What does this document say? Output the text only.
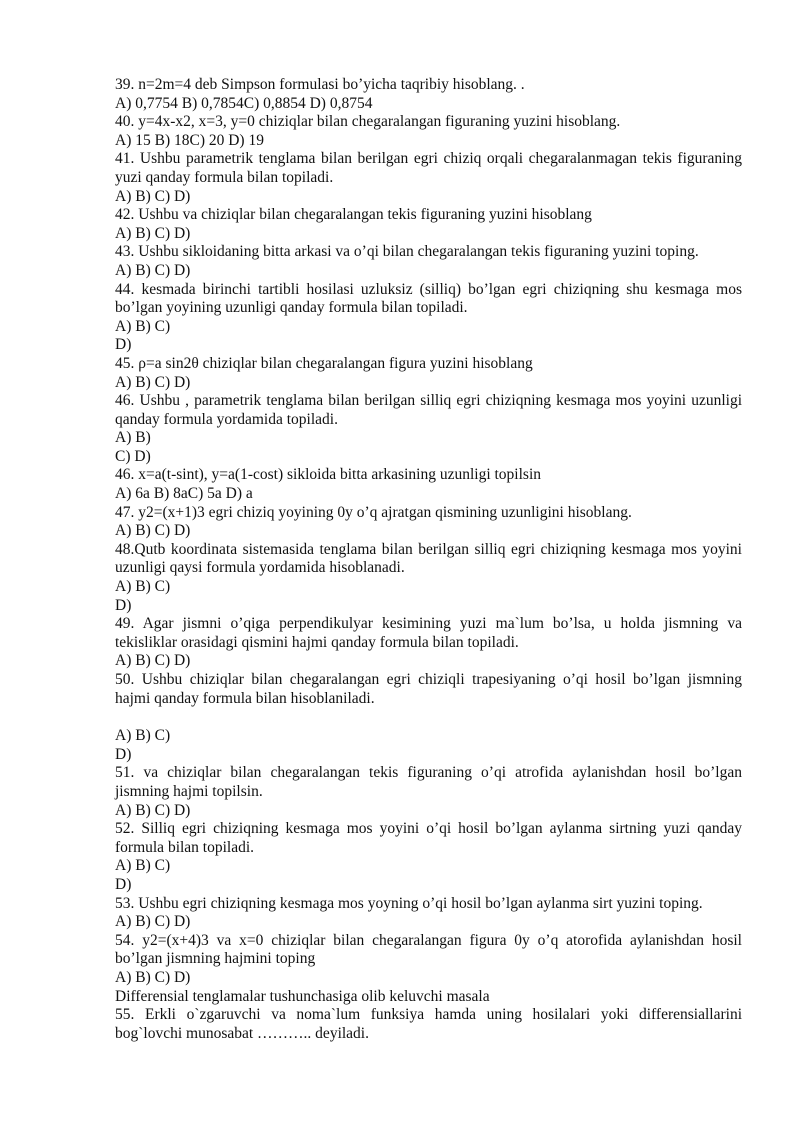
39. n=2m=4 deb Simpson formulasi bo’yicha taqribiy hisoblang. .
A) 0,7754 B) 0,7854C) 0,8854 D) 0,8754
40. y=4x-x2, x=3, y=0 chiziqlar bilan chegaralangan figuraning yuzini hisoblang.
A) 15 B) 18C) 20 D) 19
41. Ushbu parametrik tenglama bilan berilgan egri chiziq orqali chegaralanmagan tekis figuraning yuzi qanday formula bilan topiladi.
A) B) C) D)
42. Ushbu va chiziqlar bilan chegaralangan tekis figuraning yuzini hisoblang
A) B) C) D)
43. Ushbu sikloidaning bitta arkasi va o’qi bilan chegaralangan tekis figuraning yuzini toping.
A) B) C) D)
44. kesmada birinchi tartibli hosilasi uzluksiz (silliq) bo’lgan egri chiziqning shu kesmaga mos bo’lgan yoyining uzunligi qanday formula bilan topiladi.
A) B) C)
D)
45. ρ=a sin2θ chiziqlar bilan chegaralangan figura yuzini hisoblang
A) B) C) D)
46. Ushbu , parametrik tenglama bilan berilgan silliq egri chiziqning kesmaga mos yoyini uzunligi qanday formula yordamida topiladi.
A) B)
C) D)
46. x=a(t-sint), y=a(1-cost) sikloida bitta arkasining uzunligi topilsin
A) 6a B) 8aC) 5a D) a
47. y2=(x+1)3 egri chiziq yoyining 0y o’q ajratgan qismining uzunligini hisoblang.
A) B) C) D)
48.Qutb koordinata sistemasida tenglama bilan berilgan silliq egri chiziqning kesmaga mos yoyini uzunligi qaysi formula yordamida hisoblanadi.
A) B) C)
D)
49. Agar jismni o’qiga perpendikulyar kesimining yuzi ma`lum bo’lsa, u holda jismning va tekisliklar orasidagi qismini hajmi qanday formula bilan topiladi.
A) B) C) D)
50. Ushbu chiziqlar bilan chegaralangan egri chiziqli trapesiyaning o’qi hosil bo’lgan jismning hajmi qanday formula bilan hisoblaniladi.
A) B) C)
D)
51. va chiziqlar bilan chegaralangan tekis figuraning o’qi atrofida aylanishdan hosil bo’lgan jismning hajmi topilsin.
A) B) C) D)
52. Silliq egri chiziqning kesmaga mos yoyini o’qi hosil bo’lgan aylanma sirtning yuzi qanday formula bilan topiladi.
A) B) C)
D)
53. Ushbu egri chiziqning kesmaga mos yoyning o’qi hosil bo’lgan aylanma sirt yuzini toping.
A) B) C) D)
54. y2=(x+4)3 va x=0 chiziqlar bilan chegaralangan figura 0y o’q atorofida aylanishdan hosil bo’lgan jismning hajmini toping
A) B) C) D)
Differensial tenglamalar tushunchasiga olib keluvchi masala
55. Erkli o`zgaruvchi va noma`lum funksiya hamda uning hosilalari yoki differensiallarini bog`lovchi munosabat ……….. deyiladi.
